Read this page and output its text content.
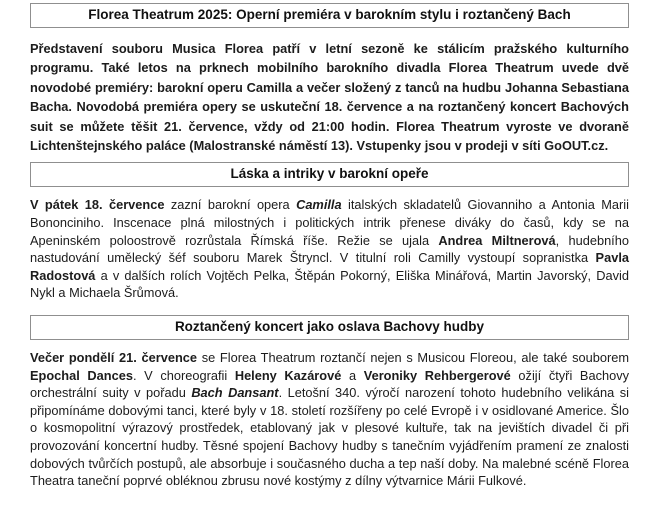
Florea Theatrum 2025: Operní premiéra v barokním stylu i roztančený Bach

Představení souboru Musica Florea patří v letní sezoně ke stálicím pražského kulturního programu. Také letos na prknech mobilního barokního divadla Florea Theatrum uvede dvě novodobé premiéry: barokní operu Camilla a večer složený z tanců na hudbu Johanna Sebastiana Bacha. Novodobá premiéra opery se uskuteční 18. července a na roztančený koncert Bachových suit se můžete těšit 21. července, vždy od 21:00 hodin. Florea Theatrum vyroste ve dvoraně Lichtenštejnského paláce (Malostranské náměstí 13). Vstupenky jsou v prodeji v síti GoOUT.cz.

Láska a intriky v barokní opeře

V pátek 18. července zazní barokní opera Camilla italských skladatelů Giovanniho a Antonia Marii Bononciniho. Inscenace plná milostných i politických intrik přenese diváky do časů, kdy se na Apeninském poloostrově rozrůstala Římská říše. Režie se ujala Andrea Miltnerová, hudebního nastudování umělecký šéf souboru Marek Štryncl. V titulní roli Camilly vystoupí sopranistka Pavla Radostová a v dalších rolích Vojtěch Pelka, Štěpán Pokorný, Eliška Minářová, Martin Javorský, David Nykl a Michaela Šrůmová.

Roztančený koncert jako oslava Bachovy hudby

Večer pondělí 21. července se Florea Theatrum roztančí nejen s Musicou Floreou, ale také souborem Epochal Dances. V choreografii Heleny Kazárové a Veroniky Rehbergerové ožijí čtyři Bachovy orchestrální suity v pořadu Bach Dansant. Letošní 340. výročí narození tohoto hudebního velikána si připomínáme dobovými tanci, které byly v 18. století rozšířeny po celé Evropě i v osidlované Americe. Šlo o kosmopolitní výrazový prostředek, etablovaný jak v plesové kultuře, tak na jevištích divadel či při provozování koncertní hudby. Těsné spojení Bachovy hudby s tanečním vyjádřením pramení ze znalosti dobových tvůrčích postupů, ale absorbuje i současného ducha a tep naší doby. Na malebné scéně Florea Theatra taneční poprvé obléknou zbrusu nové kostýmy z dílny výtvarnice Márii Fulkové.
